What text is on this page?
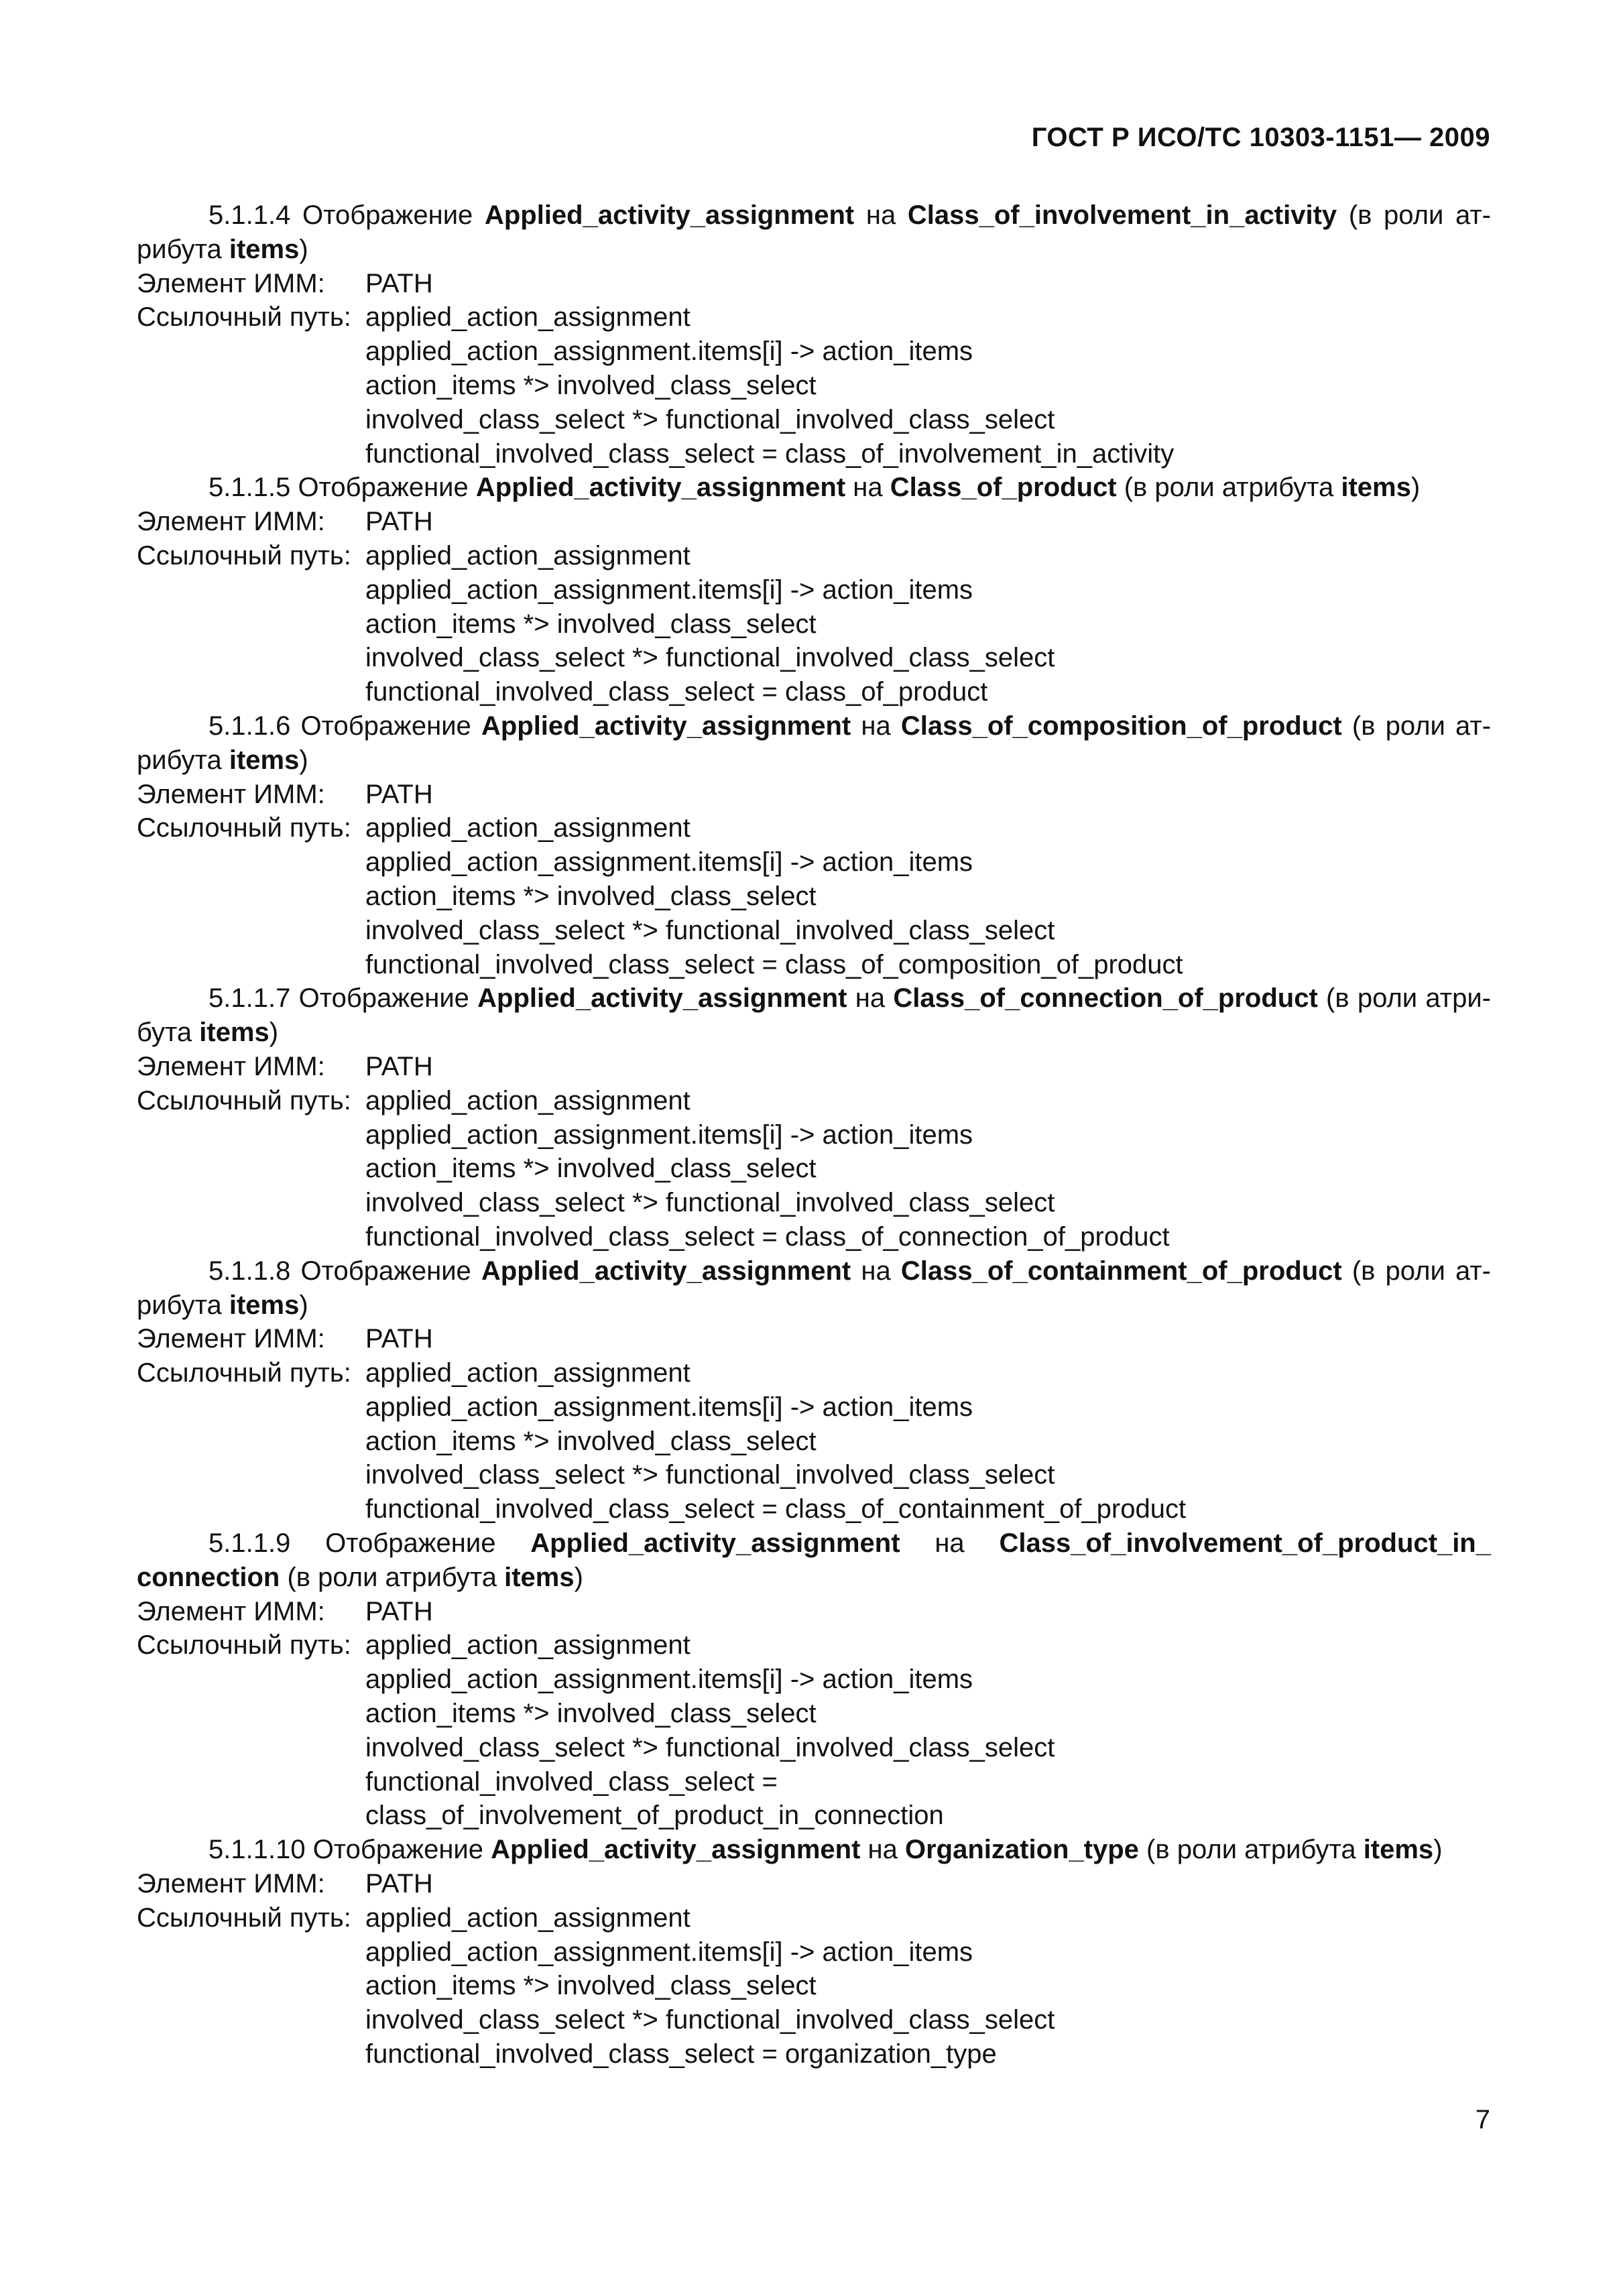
ГОСТ Р ИСО/ТС 10303-1151— 2009

5.1.1.4 Отображение Applied_activity_assignment на Class_of_involvement_in_activity (в роли ат-рибута items)

Элемент ИММ:	PATH
Ссылочный путь: applied_action_assignment
applied_action_assignment.items[i] -> action_items
action_items *> involved_class_select
involved_class_select *> functional_involved_class_select
functional_involved_class_select = class_of_involvement_in_activity

5.1.1.5 Отображение Applied_activity_assignment на Class_of_product (в роли атрибута items)

Элемент ИММ:	PATH
Ссылочный путь: applied_action_assignment
applied_action_assignment.items[i] -> action_items
action_items *> involved_class_select
involved_class_select *> functional_involved_class_select
functional_involved_class_select = class_of_product

5.1.1.6 Отображение Applied_activity_assignment на Class_of_composition_of_product (в роли ат-рибута items)

Элемент ИММ:	PATH
Ссылочный путь: applied_action_assignment
applied_action_assignment.items[i] -> action_items
action_items *> involved_class_select
involved_class_select *> functional_involved_class_select
functional_involved_class_select = class_of_composition_of_product

5.1.1.7 Отображение Applied_activity_assignment на Class_of_connection_of_product (в роли атри-бута items)

Элемент ИММ:	PATH
Ссылочный путь: applied_action_assignment
applied_action_assignment.items[i] -> action_items
action_items *> involved_class_select
involved_class_select *> functional_involved_class_select
functional_involved_class_select = class_of_connection_of_product

5.1.1.8 Отображение Applied_activity_assignment на Class_of_containment_of_product (в роли ат-рибута items)

Элемент ИММ:	PATH
Ссылочный путь: applied_action_assignment
applied_action_assignment.items[i] -> action_items
action_items *> involved_class_select
involved_class_select *> functional_involved_class_select
functional_involved_class_select = class_of_containment_of_product

5.1.1.9 Отображение Applied_activity_assignment на Class_of_involvement_of_product_in_ connection (в роли атрибута items)

Элемент ИММ:	PATH
Ссылочный путь: applied_action_assignment
applied_action_assignment.items[i] -> action_items
action_items *> involved_class_select
involved_class_select *> functional_involved_class_select
functional_involved_class_select =
class_of_involvement_of_product_in_connection

5.1.1.10 Отображение Applied_activity_assignment на Organization_type (в роли атрибута items)

Элемент ИММ:	PATH
Ссылочный путь: applied_action_assignment
applied_action_assignment.items[i] -> action_items
action_items *> involved_class_select
involved_class_select *> functional_involved_class_select
functional_involved_class_select = organization_type
7
